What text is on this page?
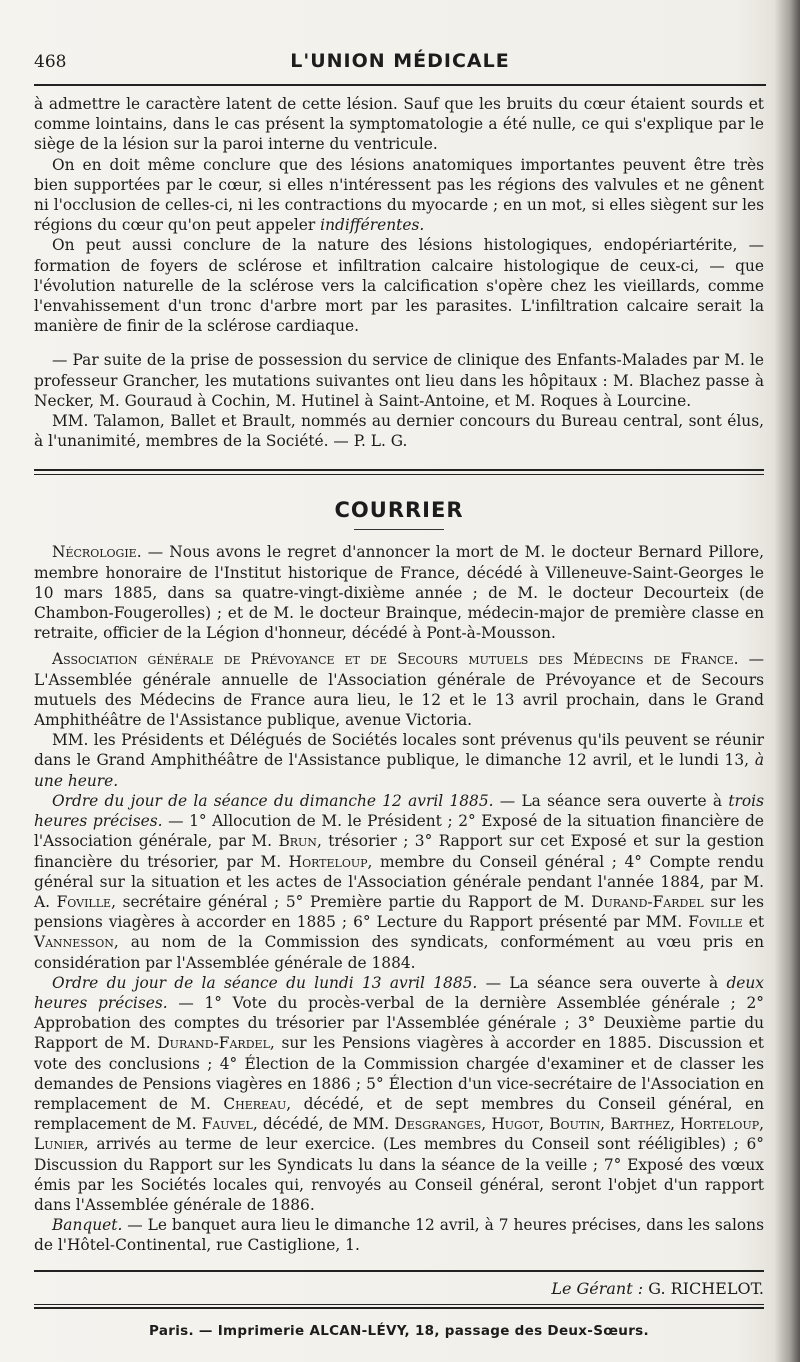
468	L'UNION MÉDICALE

à admettre le caractère latent de cette lésion. Sauf que les bruits du cœur étaient sourds et comme lointains, dans le cas présent la symptomatologie a été nulle, ce qui s'explique par le siège de la lésion sur la paroi interne du ventricule.

On en doit même conclure que des lésions anatomiques importantes peuvent être très bien supportées par le cœur, si elles n'intéressent pas les régions des valvules et ne gênent ni l'occlusion de celles-ci, ni les contractions du myocarde ; en un mot, si elles siègent sur les régions du cœur qu'on peut appeler indifférentes.

On peut aussi conclure de la nature des lésions histologiques, endopériartérite, — formation de foyers de sclérose et infiltration calcaire histologique de ceux-ci, — que l'évolution naturelle de la sclérose vers la calcification s'opère chez les vieillards, comme l'envahissement d'un tronc d'arbre mort par les parasites. L'infiltration calcaire serait la manière de finir de la sclérose cardiaque.

— Par suite de la prise de possession du service de clinique des Enfants-Malades par M. le professeur Grancher, les mutations suivantes ont lieu dans les hôpitaux : M. Blachez passe à Necker, M. Gouraud à Cochin, M. Hutinel à Saint-Antoine, et M. Roques à Lourcine.

MM. Talamon, Ballet et Brault, nommés au dernier concours du Bureau central, sont élus, à l'unanimité, membres de la Société. — P. L. G.

COURRIER

Nécrologie. — Nous avons le regret d'annoncer la mort de M. le docteur Bernard Pillore, membre honoraire de l'Institut historique de France, décédé à Villeneuve-Saint-Georges le 10 mars 1885, dans sa quatre-vingt-dixième année ; de M. le docteur Decourteix (de Chambon-Fougerolles) ; et de M. le docteur Brainque, médecin-major de première classe en retraite, officier de la Légion d'honneur, décédé à Pont-à-Mousson.

Association générale de Prévoyance et de Secours mutuels des Médecins de France. — L'Assemblée générale annuelle de l'Association générale de Prévoyance et de Secours mutuels des Médecins de France aura lieu, le 12 et le 13 avril prochain, dans le Grand Amphithéâtre de l'Assistance publique, avenue Victoria.

MM. les Présidents et Délégués de Sociétés locales sont prévenus qu'ils peuvent se réunir dans le Grand Amphithéâtre de l'Assistance publique, le dimanche 12 avril, et le lundi 13, à une heure.

Ordre du jour de la séance du dimanche 12 avril 1885. — La séance sera ouverte à trois heures précises. — 1° Allocution de M. le Président ; 2° Exposé de la situation financière de l'Association générale, par M. Brun, trésorier ; 3° Rapport sur cet Exposé et sur la gestion financière du trésorier, par M. Horteloup, membre du Conseil général ; 4° Compte rendu général sur la situation et les actes de l'Association générale pendant l'année 1884, par M. A. Foville, secrétaire général ; 5° Première partie du Rapport de M. Durand-Fardel sur les pensions viagères à accorder en 1885 ; 6° Lecture du Rapport présenté par MM. Foville et Vannesson, au nom de la Commission des syndicats, conformément au vœu pris en considération par l'Assemblée générale de 1884.

Ordre du jour de la séance du lundi 13 avril 1885. — La séance sera ouverte à deux heures précises. — 1° Vote du procès-verbal de la dernière Assemblée générale ; 2° Approbation des comptes du trésorier par l'Assemblée générale ; 3° Deuxième partie du Rapport de M. Durand-Fardel, sur les Pensions viagères à accorder en 1885. Discussion et vote des conclusions ; 4° Élection de la Commission chargée d'examiner et de classer les demandes de Pensions viagères en 1886 ; 5° Élection d'un vice-secrétaire de l'Association en remplacement de M. Chereau, décédé, et de sept membres du Conseil général, en remplacement de M. Fauvel, décédé, de MM. Desgranges, Hugot, Boutin, Barthez, Horteloup, Lunier, arrivés au terme de leur exercice. (Les membres du Conseil sont rééligibles) ; 6° Discussion du Rapport sur les Syndicats lu dans la séance de la veille ; 7° Exposé des vœux émis par les Sociétés locales qui, renvoyés au Conseil général, seront l'objet d'un rapport dans l'Assemblée générale de 1886.

Banquet. — Le banquet aura lieu le dimanche 12 avril, à 7 heures précises, dans les salons de l'Hôtel-Continental, rue Castiglione, 1.

Le Gérant : G. RICHELOT.
Paris. — Imprimerie ALCAN-LÉVY, 18, passage des Deux-Sœurs.
